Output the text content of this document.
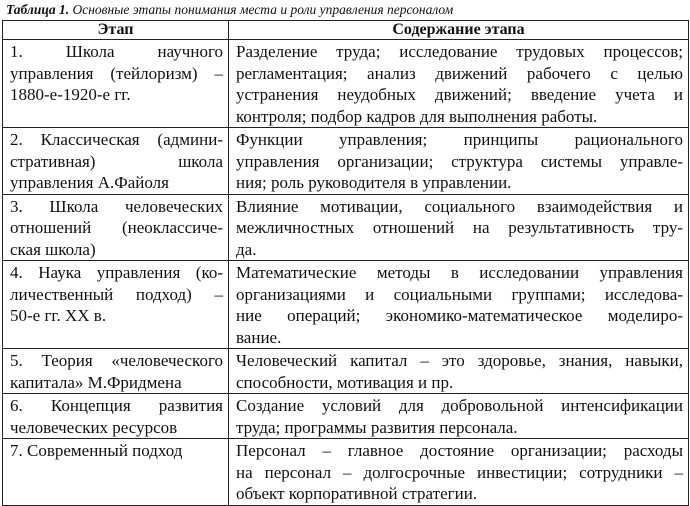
Таблица 1. Основные этапы понимания места и роли управления персоналом
Этап	Содержание этапа

1. Школа научного
управления (тейлоризм) –
1880-е-1920-е гг.	Разделение труда; исследование трудовых процессов;
регламентация; анализ движений рабочего с целью
устранения неудобных движений; введение учета и
контроля; подбор кадров для выполнения работы.

2. Классическая (админи-
стративная) школа
управления А.Файоля	Функции управления; принципы рационального
управления организации; структура системы управле-
ния; роль руководителя в управлении.

3. Школа человеческих
отношений (неоклассиче-
ская школа)	Влияние мотивации, социального взаимодействия и
межличностных отношений на результативность тру-
да.

4. Наука управления (ко-
личественный подход) –
50-е гг. XX в.	Математические методы в исследовании управления
организациями и социальными группами; исследова-
ние операций; экономико-математическое моделиро-
вание.

5. Теория «человеческого
капитала» М.Фридмена	Человеческий капитал – это здоровье, знания, навыки,
способности, мотивация и пр.

6. Концепция развития
человеческих ресурсов	Создание условий для добровольной интенсификации
труда; программы развития персонала.

7. Современный подход	Персонал – главное достояние организации; расходы
на персонал – долгосрочные инвестиции; сотрудники –
объект корпоративной стратегии.
